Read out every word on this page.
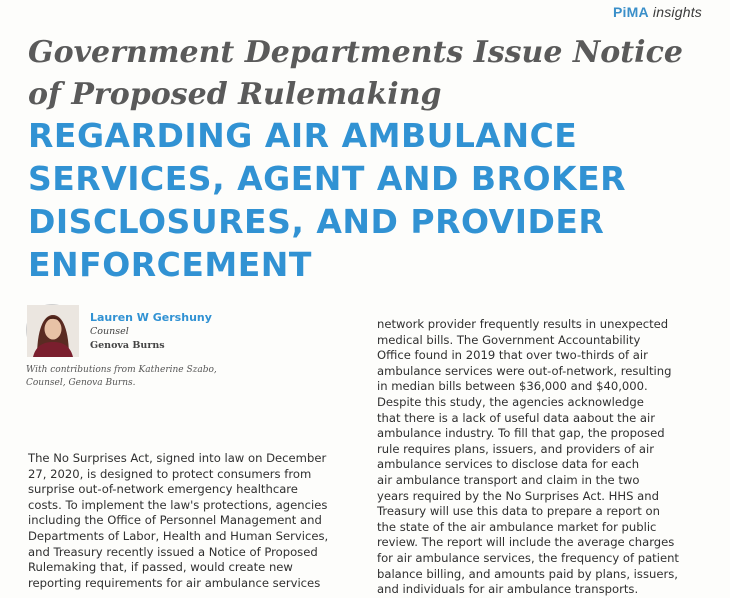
PiMA insights
Government Departments Issue Notice
of Proposed Rulemaking
REGARDING AIR AMBULANCE
SERVICES, AGENT AND BROKER
DISCLOSURES, AND PROVIDER
ENFORCEMENT
Lauren W Gershuny
Counsel
Genova Burns
With contributions from Katherine Szabo,
Counsel, Genova Burns.
The No Surprises Act, signed into law on December
27, 2020, is designed to protect consumers from
surprise out-of-network emergency healthcare
costs. To implement the law's protections, agencies
including the Office of Personnel Management and
Departments of Labor, Health and Human Services,
and Treasury recently issued a Notice of Proposed
Rulemaking that, if passed, would create new
reporting requirements for air ambulance services
network provider frequently results in unexpected
medical bills. The Government Accountability
Office found in 2019 that over two-thirds of air
ambulance services were out-of-network, resulting
in median bills between $36,000 and $40,000.
Despite this study, the agencies acknowledge
that there is a lack of useful data aabout the air
ambulance industry. To fill that gap, the proposed
rule requires plans, issuers, and providers of air
ambulance services to disclose data for each
air ambulance transport and claim in the two
years required by the No Surprises Act. HHS and
Treasury will use this data to prepare a report on
the state of the air ambulance market for public
review. The report will include the average charges
for air ambulance services, the frequency of patient
balance billing, and amounts paid by plans, issuers,
and individuals for air ambulance transports.
